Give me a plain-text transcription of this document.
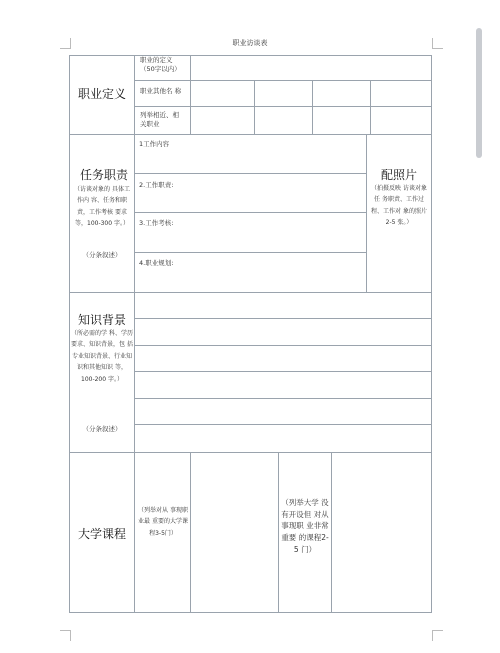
职业访谈表
职业定义
职业的定义
（50字以内）
职业其他名 称
列举相近、相
关职业
任务职责
（访谈对象的 具体工作内 容、任务和职 责，工作考核 要求等，100-300 字。）
（分条叙述）
1工作内容
2.工作职责:
3.工作考核:
4.职业规划:
配照片
（拍摄反映 访谈对象任 务职责、工作过程、工作对 象的照片2-5 张。）
知识背景
（所必需的学 科、学历要求、知识背景，包 括专业知识背景、行业知识和其他知识 等，100-200 字。）
（分条叙述）
大学课程
（列举对从 事现职业最 重要的大学课程3-5门）
（列举大学 没有开设但 对从事现职 业非常重要 的课程2-5 门）
